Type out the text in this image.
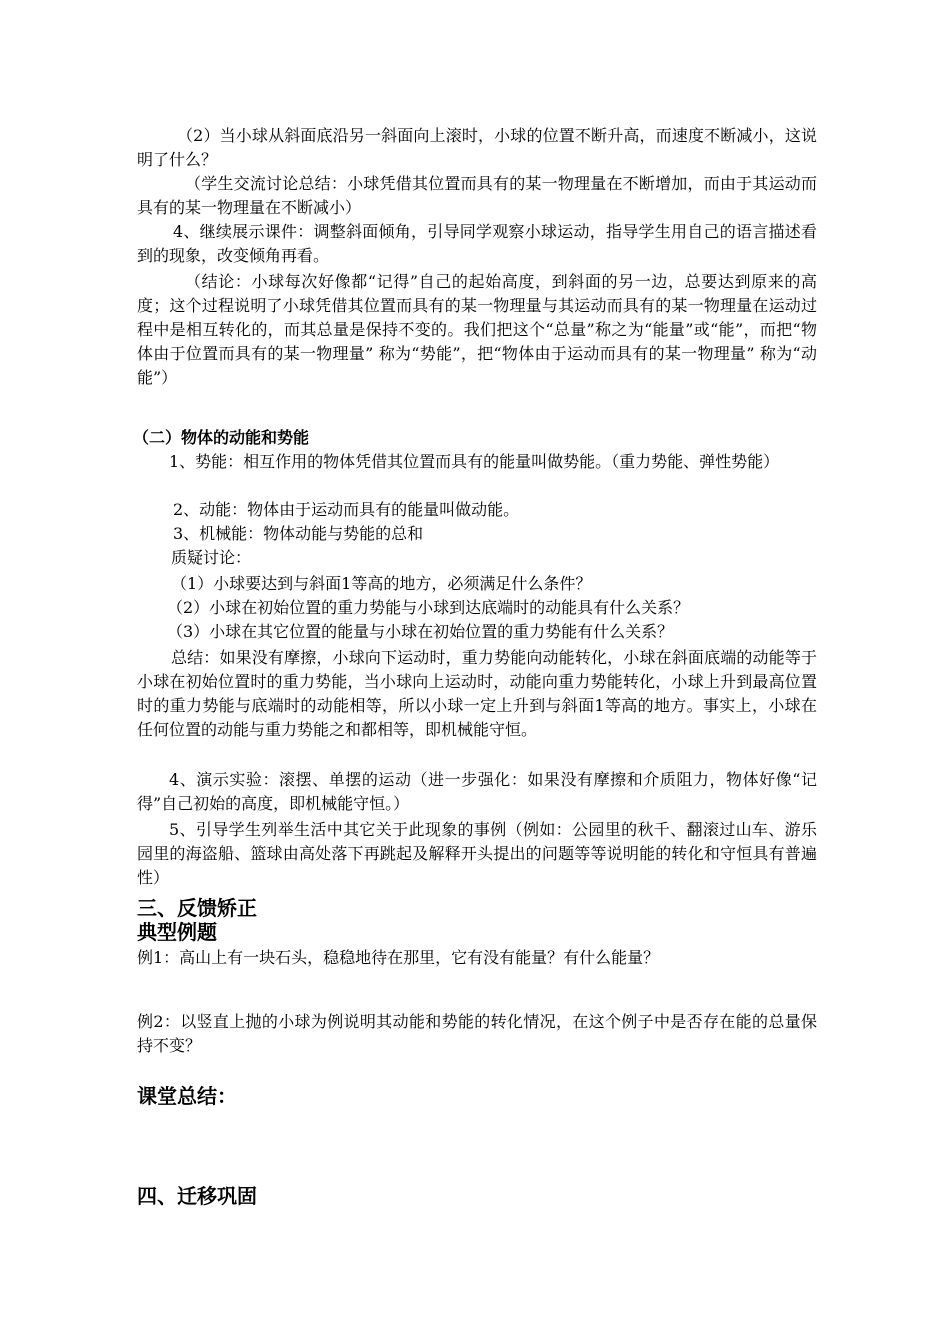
（2）当小球从斜面底沿另一斜面向上滚时，小球的位置不断升高，而速度不断减小，这说明了什么？
（学生交流讨论总结：小球凭借其位置而具有的某一物理量在不断增加，而由于其运动而具有的某一物理量在不断减小）
4、继续展示课件：调整斜面倾角，引导同学观察小球运动，指导学生用自己的语言描述看到的现象，改变倾角再看。
（结论：小球每次好像都“记得”自己的起始高度，到斜面的另一边，总要达到原来的高度；这个过程说明了小球凭借其位置而具有的某一物理量与其运动而具有的某一物理量在运动过程中是相互转化的，而其总量是保持不变的。我们把这个“总量”称之为“能量”或“能”，而把“物体由于位置而具有的某一物理量” 称为“势能”，把“物体由于运动而具有的某一物理量” 称为“动能”）
（二）物体的动能和势能
1、势能：相互作用的物体凭借其位置而具有的能量叫做势能。（重力势能、弹性势能）
2、动能：物体由于运动而具有的能量叫做动能。
3、机械能：物体动能与势能的总和
质疑讨论：
（1）小球要达到与斜面1等高的地方，必须满足什么条件？
（2）小球在初始位置的重力势能与小球到达底端时的动能具有什么关系？
（3）小球在其它位置的能量与小球在初始位置的重力势能有什么关系？
总结：如果没有摩擦，小球向下运动时，重力势能向动能转化，小球在斜面底端的动能等于小球在初始位置时的重力势能，当小球向上运动时，动能向重力势能转化，小球上升到最高位置时的重力势能与底端时的动能相等，所以小球一定上升到与斜面1等高的地方。事实上，小球在任何位置的动能与重力势能之和都相等，即机械能守恒。
4、演示实验：滚摆、单摆的运动（进一步强化：如果没有摩擦和介质阻力，物体好像“记得”自己初始的高度，即机械能守恒。）
5、引导学生列举生活中其它关于此现象的事例（例如：公园里的秋千、翻滚过山车、游乐园里的海盗船、篮球由高处落下再跳起及解释开头提出的问题等等说明能的转化和守恒具有普遍性）
三、反馈矫正
典型例题
例1：高山上有一块石头，稳稳地待在那里，它有没有能量？有什么能量？
例2：以竖直上抛的小球为例说明其动能和势能的转化情况，在这个例子中是否存在能的总量保持不变？
课堂总结：
四、迁移巩固
